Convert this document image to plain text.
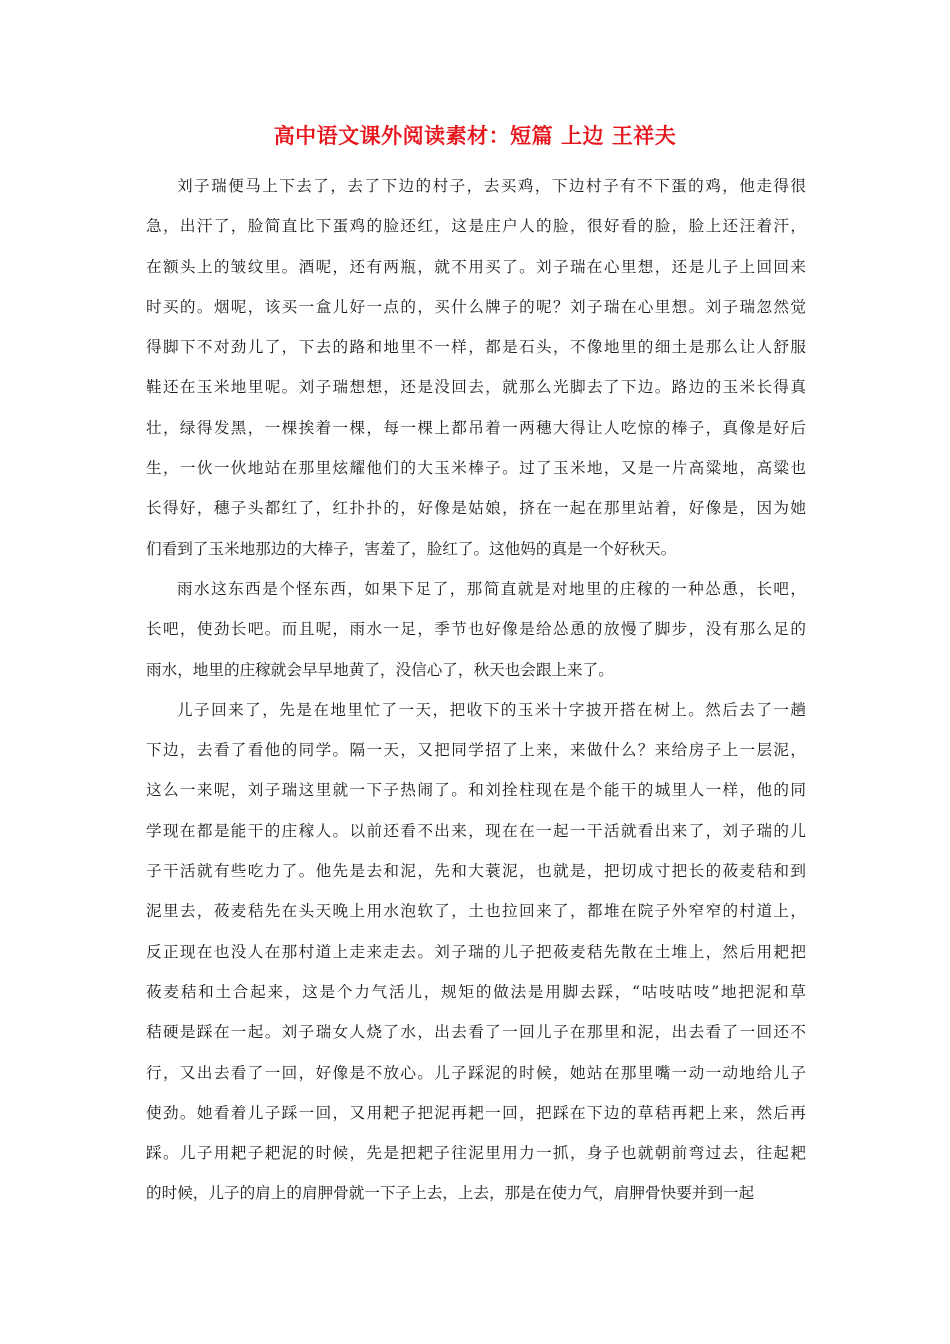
高中语文课外阅读素材：短篇 上边 王祥夫
刘子瑞便马上下去了，去了下边的村子，去买鸡，下边村子有不下蛋的鸡，他走得很
急，出汗了，脸简直比下蛋鸡的脸还红，这是庄户人的脸，很好看的脸，脸上还汪着汗，
在额头上的皱纹里。酒呢，还有两瓶，就不用买了。刘子瑞在心里想，还是儿子上回回来
时买的。烟呢，该买一盒儿好一点的，买什么牌子的呢？刘子瑞在心里想。刘子瑞忽然觉
得脚下不对劲儿了，下去的路和地里不一样，都是石头，不像地里的细土是那么让人舒服
鞋还在玉米地里呢。刘子瑞想想，还是没回去，就那么光脚去了下边。路边的玉米长得真
壮，绿得发黑，一棵挨着一棵，每一棵上都吊着一两穗大得让人吃惊的棒子，真像是好后
生，一伙一伙地站在那里炫耀他们的大玉米棒子。过了玉米地，又是一片高粱地，高粱也
长得好，穗子头都红了，红扑扑的，好像是姑娘，挤在一起在那里站着，好像是，因为她
们看到了玉米地那边的大棒子，害羞了，脸红了。这他妈的真是一个好秋天。
雨水这东西是个怪东西，如果下足了，那简直就是对地里的庄稼的一种怂恿，长吧，
长吧，使劲长吧。而且呢，雨水一足，季节也好像是给怂恿的放慢了脚步，没有那么足的
雨水，地里的庄稼就会早早地黄了，没信心了，秋天也会跟上来了。
儿子回来了，先是在地里忙了一天，把收下的玉米十字披开搭在树上。然后去了一趟
下边，去看了看他的同学。隔一天，又把同学招了上来，来做什么？来给房子上一层泥，
这么一来呢，刘子瑞这里就一下子热闹了。和刘拴柱现在是个能干的城里人一样，他的同
学现在都是能干的庄稼人。以前还看不出来，现在在一起一干活就看出来了，刘子瑞的儿
子干活就有些吃力了。他先是去和泥，先和大蓑泥，也就是，把切成寸把长的莜麦秸和到
泥里去，莜麦秸先在头天晚上用水泡软了，土也拉回来了，都堆在院子外窄窄的村道上，
反正现在也没人在那村道上走来走去。刘子瑞的儿子把莜麦秸先散在土堆上，然后用耙把
莜麦秸和土合起来，这是个力气活儿，规矩的做法是用脚去踩，“咕吱咕吱”地把泥和草
秸硬是踩在一起。刘子瑞女人烧了水，出去看了一回儿子在那里和泥，出去看了一回还不
行，又出去看了一回，好像是不放心。儿子踩泥的时候，她站在那里嘴一动一动地给儿子
使劲。她看着儿子踩一回，又用耙子把泥再耙一回，把踩在下边的草秸再耙上来，然后再
踩。儿子用耙子耙泥的时候，先是把耙子往泥里用力一抓，身子也就朝前弯过去，往起耙
的时候，儿子的肩上的肩胛骨就一下子上去，上去，那是在使力气，肩胛骨快要并到一起
